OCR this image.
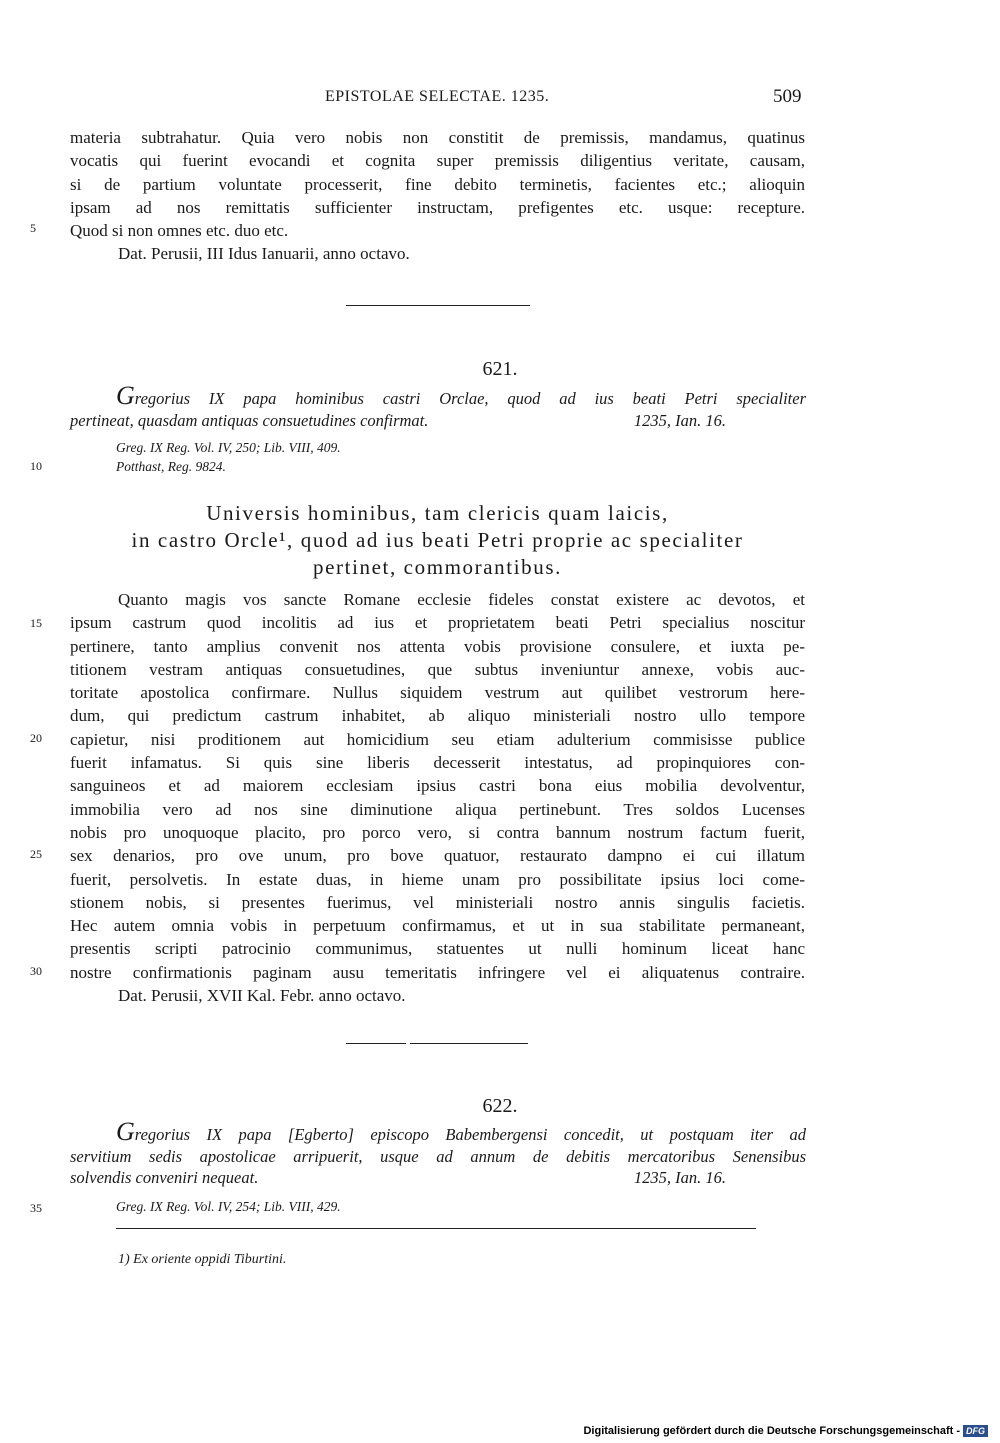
EPISTOLAE SELECTAE. 1235.	509
materia subtrahatur. Quia vero nobis non constitit de premissis, mandamus, quatinus
vocatis qui fuerint evocandi et cognita super premissis diligentius veritate, causam,
si de partium voluntate processerit, fine debito terminetis, facientes etc.; alioquin
ipsam ad nos remittatis sufficienter instructam, prefigentes etc. usque: recepture.
Quod si non omnes etc. duo etc.
Dat. Perusii, III Idus Ianuarii, anno octavo.
621.
Gregorius IX papa hominibus castri Orclae, quod ad ius beati Petri specialiter
pertineat, quasdam antiquas consuetudines confirmat.	1235, Ian. 16.
Greg. IX Reg. Vol. IV, 250; Lib. VIII, 409.
Potthast, Reg. 9824.
Universis hominibus, tam clericis quam laicis,
in castro Orcle¹, quod ad ius beati Petri proprie ac specialiter
pertinet, commorantibus.
Quanto magis vos sancte Romane ecclesie fideles constat existere ac devotos, et
ipsum castrum quod incolitis ad ius et proprietatem beati Petri specialius noscitur
pertinere, tanto amplius convenit nos attenta vobis provisione consulere, et iuxta pe-
titionem vestram antiquas consuetudines, que subtus inveniuntur annexe, vobis auc-
toritate apostolica confirmare. Nullus siquidem vestrum aut quilibet vestrorum here-
dum, qui predictum castrum inhabitet, ab aliquo ministeriali nostro ullo tempore
capietur, nisi proditionem aut homicidium seu etiam adulterium commisisse publice
fuerit infamatus. Si quis sine liberis decesserit intestatus, ad propinquiores con-
sanguineos et ad maiorem ecclesiam ipsius castri bona eius mobilia devolventur,
immobilia vero ad nos sine diminutione aliqua pertinebunt. Tres soldos Lucenses
nobis pro unoquoque placito, pro porco vero, si contra bannum nostrum factum fuerit,
sex denarios, pro ove unum, pro bove quatuor, restaurato dampno ei cui illatum
fuerit, persolvetis. In estate duas, in hieme unam pro possibilitate ipsius loci come-
stionem nobis, si presentes fuerimus, vel ministeriali nostro annis singulis facietis.
Hec autem omnia vobis in perpetuum confirmamus, et ut in sua stabilitate permaneant,
presentis scripti patrocinio communimus, statuentes ut nulli hominum liceat hanc
nostre confirmationis paginam ausu temeritatis infringere vel ei aliquatenus contraire.
Dat. Perusii, XVII Kal. Febr. anno octavo.
622.
Gregorius IX papa [Egberto] episcopo Babembergensi concedit, ut postquam iter ad
servitium sedis apostolicae arripuerit, usque ad annum de debitis mercatoribus Senensibus
solvendis conveniri nequeat.	1235, Ian. 16.
Greg. IX Reg. Vol. IV, 254; Lib. VIII, 429.
5
10
15
20
25
30
35
1) Ex oriente oppidi Tiburtini.
Digitalisierung gefördert durch die Deutsche Forschungsgemeinschaft - DFG
